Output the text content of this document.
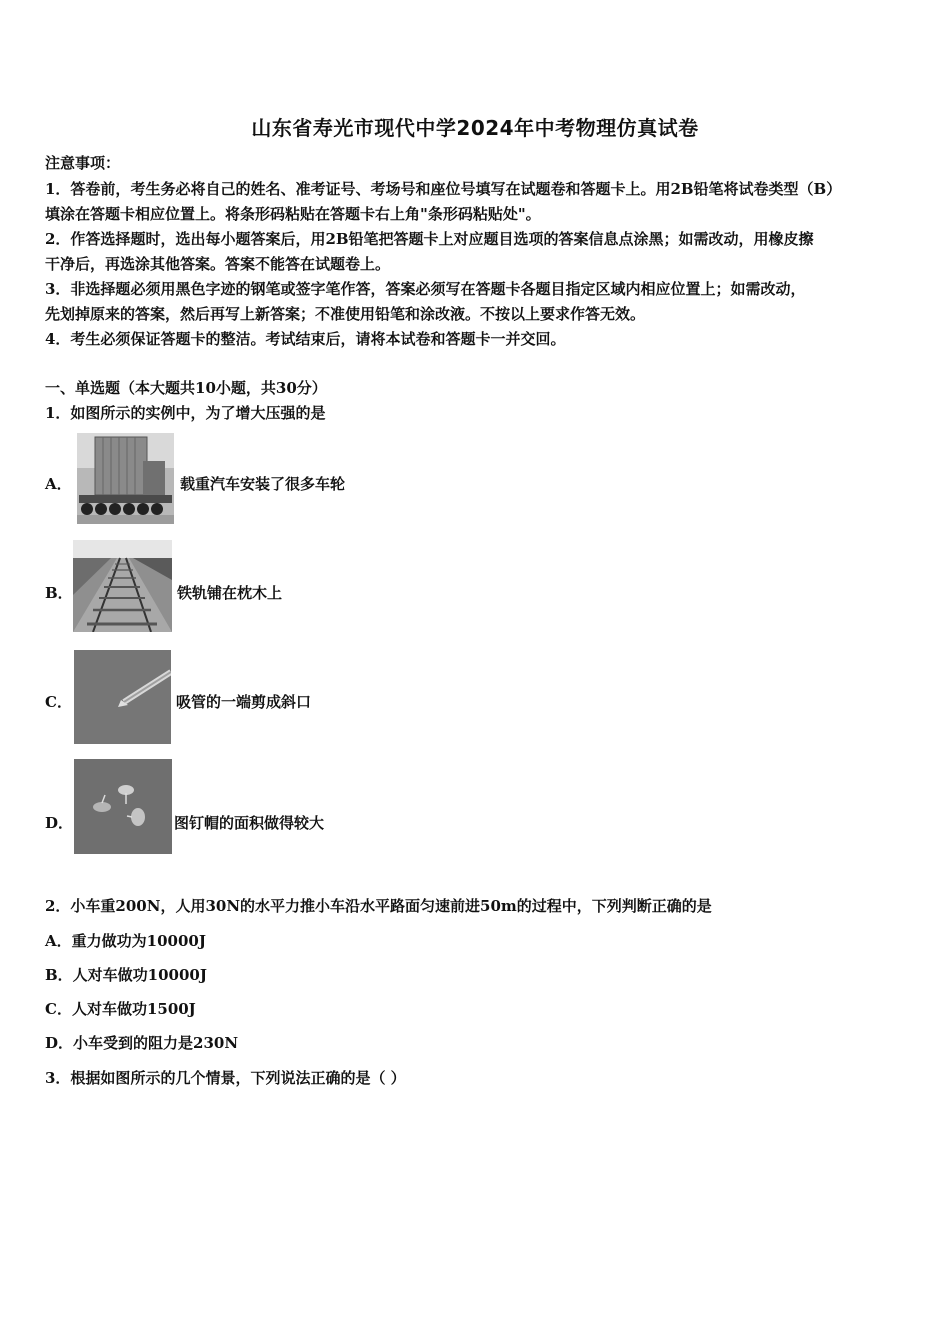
山东省寿光市现代中学2024年中考物理仿真试卷
注意事项：
1．答卷前，考生务必将自己的姓名、准考证号、考场号和座位号填写在试题卷和答题卡上。用2B铅笔将试卷类型（B）
填涂在答题卡相应位置上。将条形码粘贴在答题卡右上角"条形码粘贴处"。
2．作答选择题时，选出每小题答案后，用2B铅笔把答题卡上对应题目选项的答案信息点涂黑；如需改动，用橡皮擦
干净后，再选涂其他答案。答案不能答在试题卷上。
3．非选择题必须用黑色字迹的钢笔或签字笔作答，答案必须写在答题卡各题目指定区域内相应位置上；如需改动，
先划掉原来的答案，然后再写上新答案；不准使用铅笔和涂改液。不按以上要求作答无效。
4．考生必须保证答题卡的整洁。考试结束后，请将本试卷和答题卡一并交回。
一、单选题（本大题共10小题，共30分）
1．如图所示的实例中，为了增大压强的是
A．	载重汽车安装了很多车轮
B．	铁轨铺在枕木上
C．	吸管的一端剪成斜口
D．	图钉帽的面积做得较大
2．小车重200N，人用30N的水平力推小车沿水平路面匀速前进50m的过程中，下列判断正确的是
A．重力做功为10000J
B．人对车做功10000J
C．人对车做功1500J
D．小车受到的阻力是230N
3．根据如图所示的几个情景，下列说法正确的是（ ）
